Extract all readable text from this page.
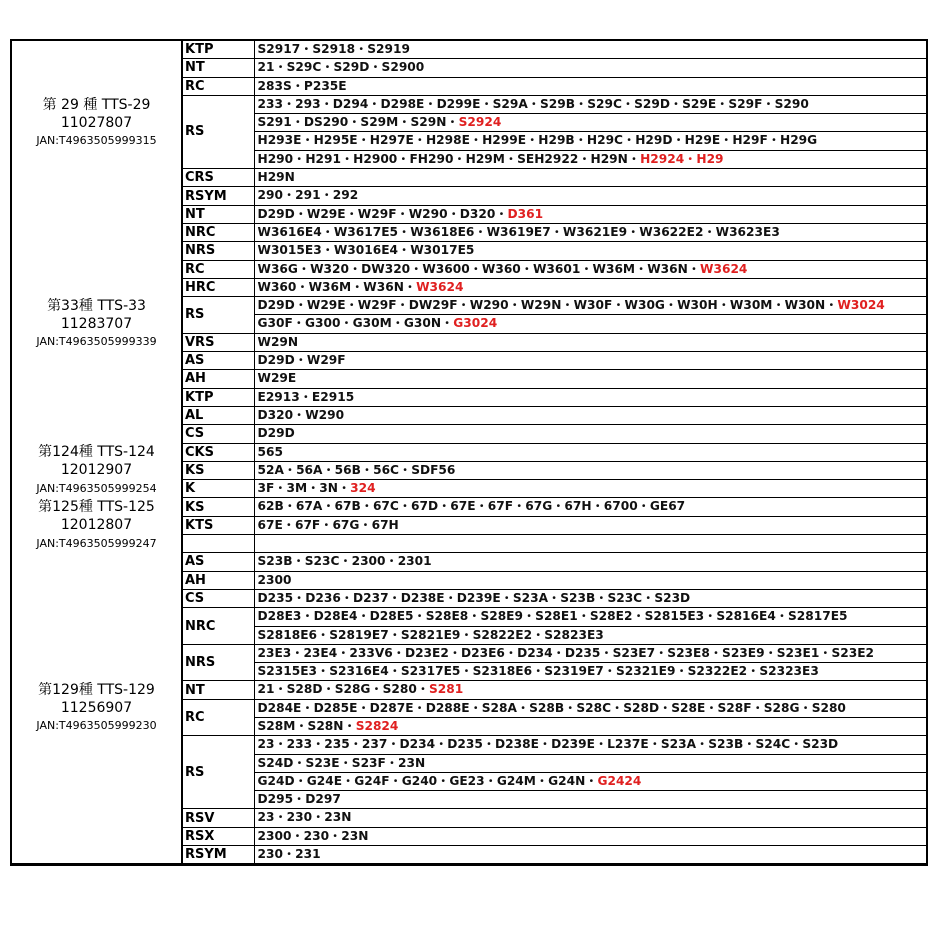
第 29 種 TTS-29
11027807
JAN:T4963505999315	KTP	S2917・S2918・S2919
	NT	21・S29C・S29D・S2900
	RC	283S・P235E
	RS	233・293・D294・D298E・D299E・S29A・S29B・S29C・S29D・S29E・S29F・S290
		S291・DS290・S29M・S29N・S2924
		H293E・H295E・H297E・H298E・H299E・H29B・H29C・H29D・H29E・H29F・H29G
		H290・H291・H2900・FH290・H29M・SEH2922・H29N・H2924・H29
	CRS	H29N
	RSYM	290・291・292

第33種 TTS-33
11283707
JAN:T4963505999339	NT	D29D・W29E・W29F・W290・D320・D361
	NRC	W3616E4・W3617E5・W3618E6・W3619E7・W3621E9・W3622E2・W3623E3
	NRS	W3015E3・W3016E4・W3017E5
	RC	W36G・W320・DW320・W3600・W360・W3601・W36M・W36N・W3624
	HRC	W360・W36M・W36N・W3624
	RS	D29D・W29E・W29F・DW29F・W290・W29N・W30F・W30G・W30H・W30M・W30N・W3024
		G30F・G300・G30M・G30N・G3024
	VRS	W29N
	AS	D29D・W29F
	AH	W29E
	KTP	E2913・E2915
	AL	D320・W290
	CS	D29D

第124種 TTS-124
12012907
JAN:T4963505999254	CKS	565
	KS	52A・56A・56B・56C・SDF56
	K	3F・3M・3N・324

第125種 TTS-125
12012807
JAN:T4963505999247	KS	62B・67A・67B・67C・67D・67E・67F・67G・67H・6700・GE67
	KTS	67E・67F・67G・67H

第129種 TTS-129
11256907
JAN:T4963505999230	AS	S23B・S23C・2300・2301
	AH	2300
	CS	D235・D236・D237・D238E・D239E・S23A・S23B・S23C・S23D
	NRC	D28E3・D28E4・D28E5・S28E8・S28E9・S28E1・S28E2・S2815E3・S2816E4・S2817E5
		S2818E6・S2819E7・S2821E9・S2822E2・S2823E3
	NRS	23E3・23E4・233V6・D23E2・D23E6・D234・D235・S23E7・S23E8・S23E9・S23E1・S23E2
		S2315E3・S2316E4・S2317E5・S2318E6・S2319E7・S2321E9・S2322E2・S2323E3
	NT	21・S28D・S28G・S280・S281
	RC	D284E・D285E・D287E・D288E・S28A・S28B・S28C・S28D・S28E・S28F・S28G・S280
		S28M・S28N・S2824
	RS	23・233・235・237・D234・D235・D238E・D239E・L237E・S23A・S23B・S24C・S23D
		S24D・S23E・S23F・23N
		G24D・G24E・G24F・G240・GE23・G24M・G24N・G2424
		D295・D297
	RSV	23・230・23N
	RSX	2300・230・23N
	RSYM	230・231
